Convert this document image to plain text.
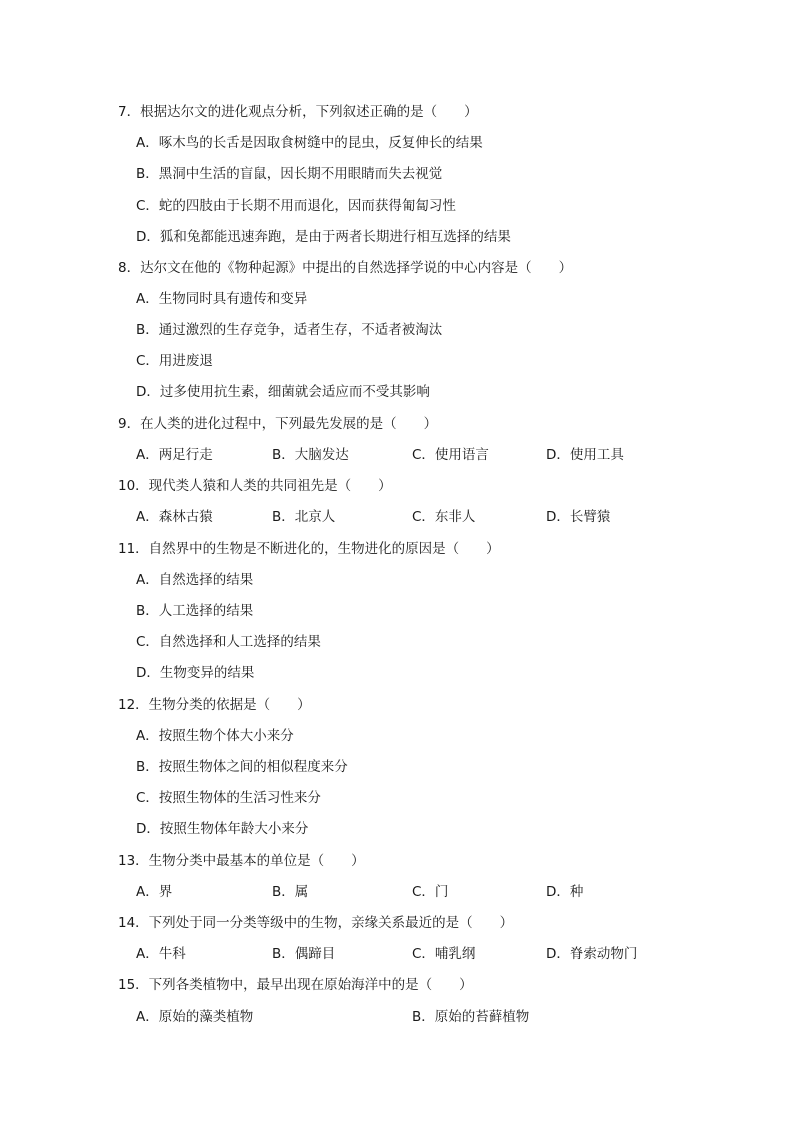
7．根据达尔文的进化观点分析，下列叙述正确的是（　　）
A．啄木鸟的长舌是因取食树缝中的昆虫，反复伸长的结果
B．黑洞中生活的盲鼠，因长期不用眼睛而失去视觉
C．蛇的四肢由于长期不用而退化，因而获得匍匐习性
D．狐和兔都能迅速奔跑，是由于两者长期进行相互选择的结果
8．达尔文在他的《物种起源》中提出的自然选择学说的中心内容是（　　）
A．生物同时具有遗传和变异
B．通过激烈的生存竞争，适者生存，不适者被淘汰
C．用进废退
D．过多使用抗生素，细菌就会适应而不受其影响
9．在人类的进化过程中，下列最先发展的是（　　）
A．两足行走	B．大脑发达	C．使用语言	D．使用工具
10．现代类人猿和人类的共同祖先是（　　）
A．森林古猿	B．北京人	C．东非人	D．长臂猿
11．自然界中的生物是不断进化的，生物进化的原因是（　　）
A．自然选择的结果
B．人工选择的结果
C．自然选择和人工选择的结果
D．生物变异的结果
12．生物分类的依据是（　　）
A．按照生物个体大小来分
B．按照生物体之间的相似程度来分
C．按照生物体的生活习性来分
D．按照生物体年龄大小来分
13．生物分类中最基本的单位是（　　）
A．界	B．属	C．门	D．种
14．下列处于同一分类等级中的生物，亲缘关系最近的是（　　）
A．牛科	B．偶蹄目	C．哺乳纲	D．脊索动物门
15．下列各类植物中，最早出现在原始海洋中的是（　　）
A．原始的藻类植物	B．原始的苔藓植物
